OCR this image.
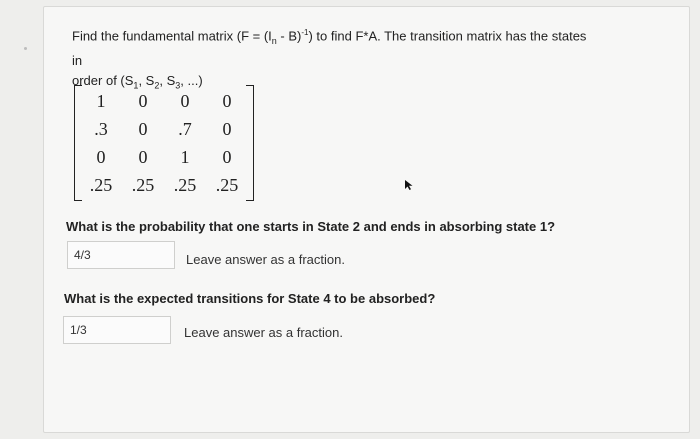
Find the fundamental matrix $(F = (I_n - B)^{-1})$ to find F*A. The transition matrix has the states in
order of ($S_1$, $S_2$, $S_3$, ...)
1	0	0	0
.3	0	.7	0
0	0	1	0
.25	.25	.25	.25
What is the probability that one starts in State 2 and ends in absorbing state 1?
4/3	Leave answer as a fraction.
What is the expected transitions for State 4 to be absorbed?
1/3	Leave answer as a fraction.
